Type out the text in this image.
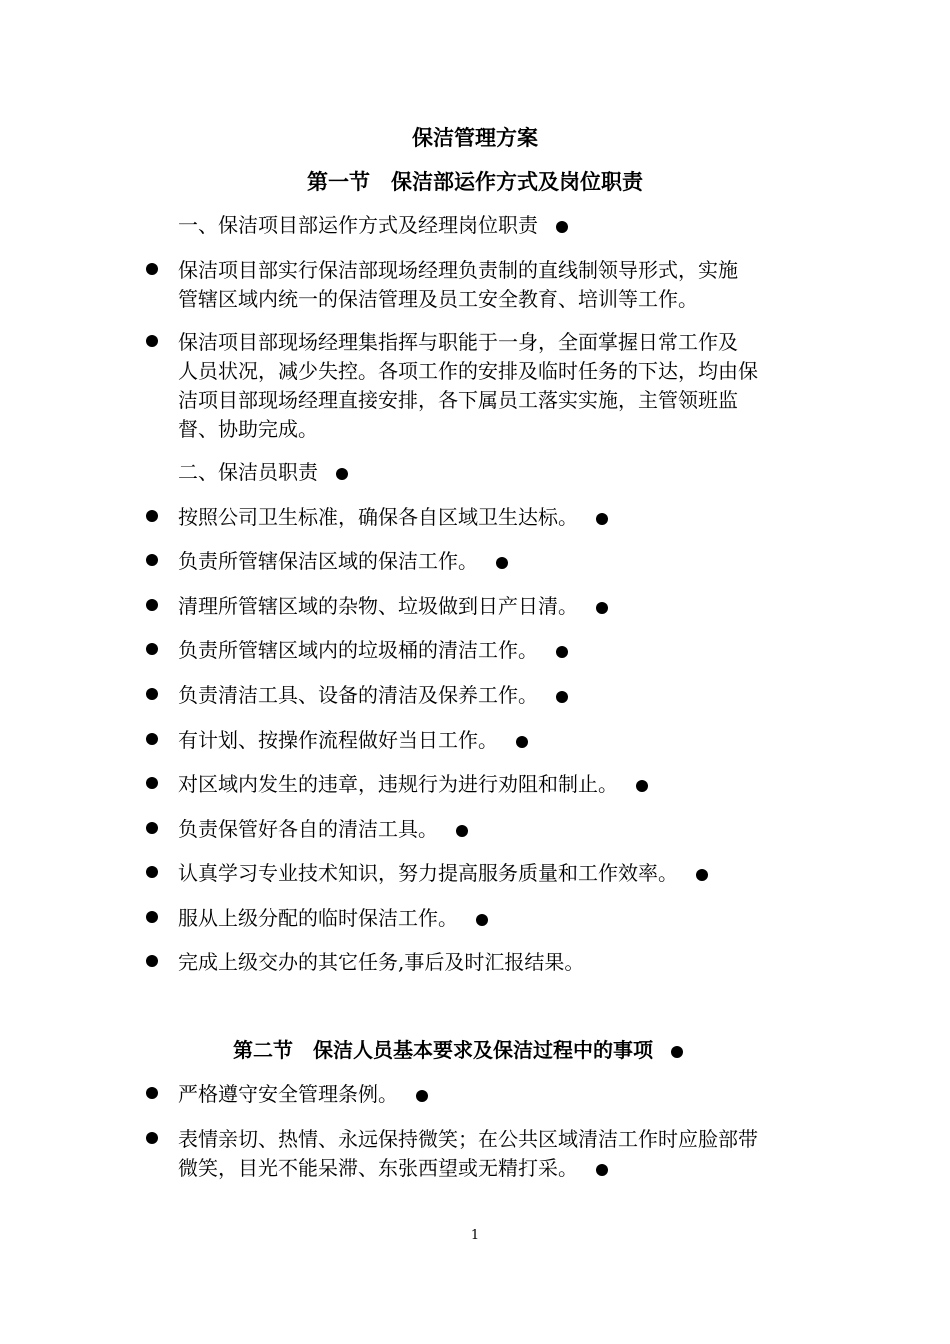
保洁管理方案
第一节　保洁部运作方式及岗位职责
一、保洁项目部运作方式及经理岗位职责
保洁项目部实行保洁部现场经理负责制的直线制领导形式，实施
管辖区域内统一的保洁管理及员工安全教育、培训等工作。
保洁项目部现场经理集指挥与职能于一身，全面掌握日常工作及
人员状况，减少失控。各项工作的安排及临时任务的下达，均由保
洁项目部现场经理直接安排，各下属员工落实实施，主管领班监
督、协助完成。
二、保洁员职责
按照公司卫生标准，确保各自区域卫生达标。
负责所管辖保洁区域的保洁工作。
清理所管辖区域的杂物、垃圾做到日产日清。
负责所管辖区域内的垃圾桶的清洁工作。
负责清洁工具、设备的清洁及保养工作。
有计划、按操作流程做好当日工作。
对区域内发生的违章，违规行为进行劝阻和制止。
负责保管好各自的清洁工具。
认真学习专业技术知识，努力提高服务质量和工作效率。
服从上级分配的临时保洁工作。
完成上级交办的其它任务,事后及时汇报结果。
第二节　保洁人员基本要求及保洁过程中的事项
严格遵守安全管理条例。
表情亲切、热情、永远保持微笑；在公共区域清洁工作时应脸部带
微笑，目光不能呆滞、东张西望或无精打采。
1
